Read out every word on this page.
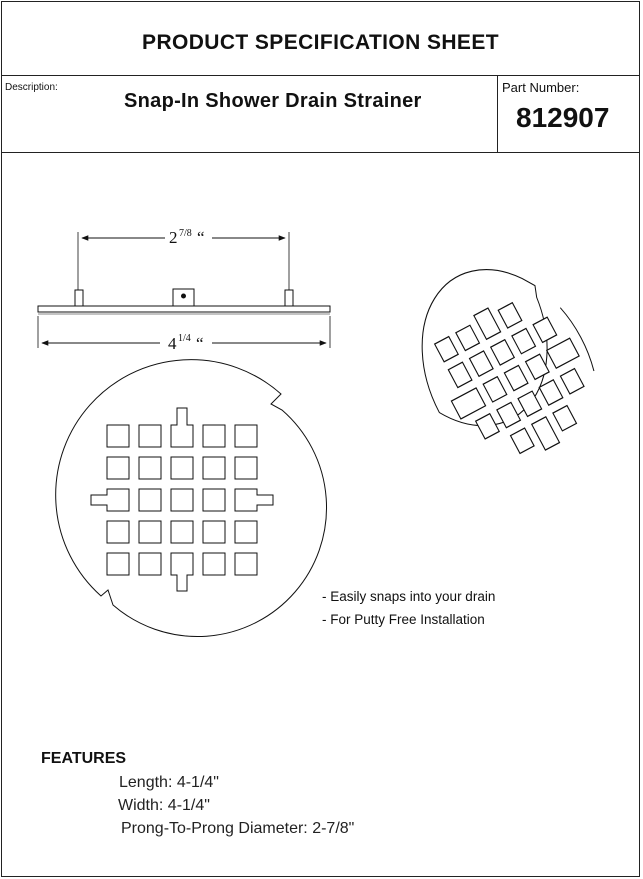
PRODUCT SPECIFICATION SHEET
Description:
Snap-In Shower Drain Strainer
Part Number:
812907
2 7/8 “
4 1/4 “
- Easily snaps into your drain
- For Putty Free Installation
FEATURES
Length: 4-1/4"
Width: 4-1/4"
Prong-To-Prong Diameter: 2-7/8"
